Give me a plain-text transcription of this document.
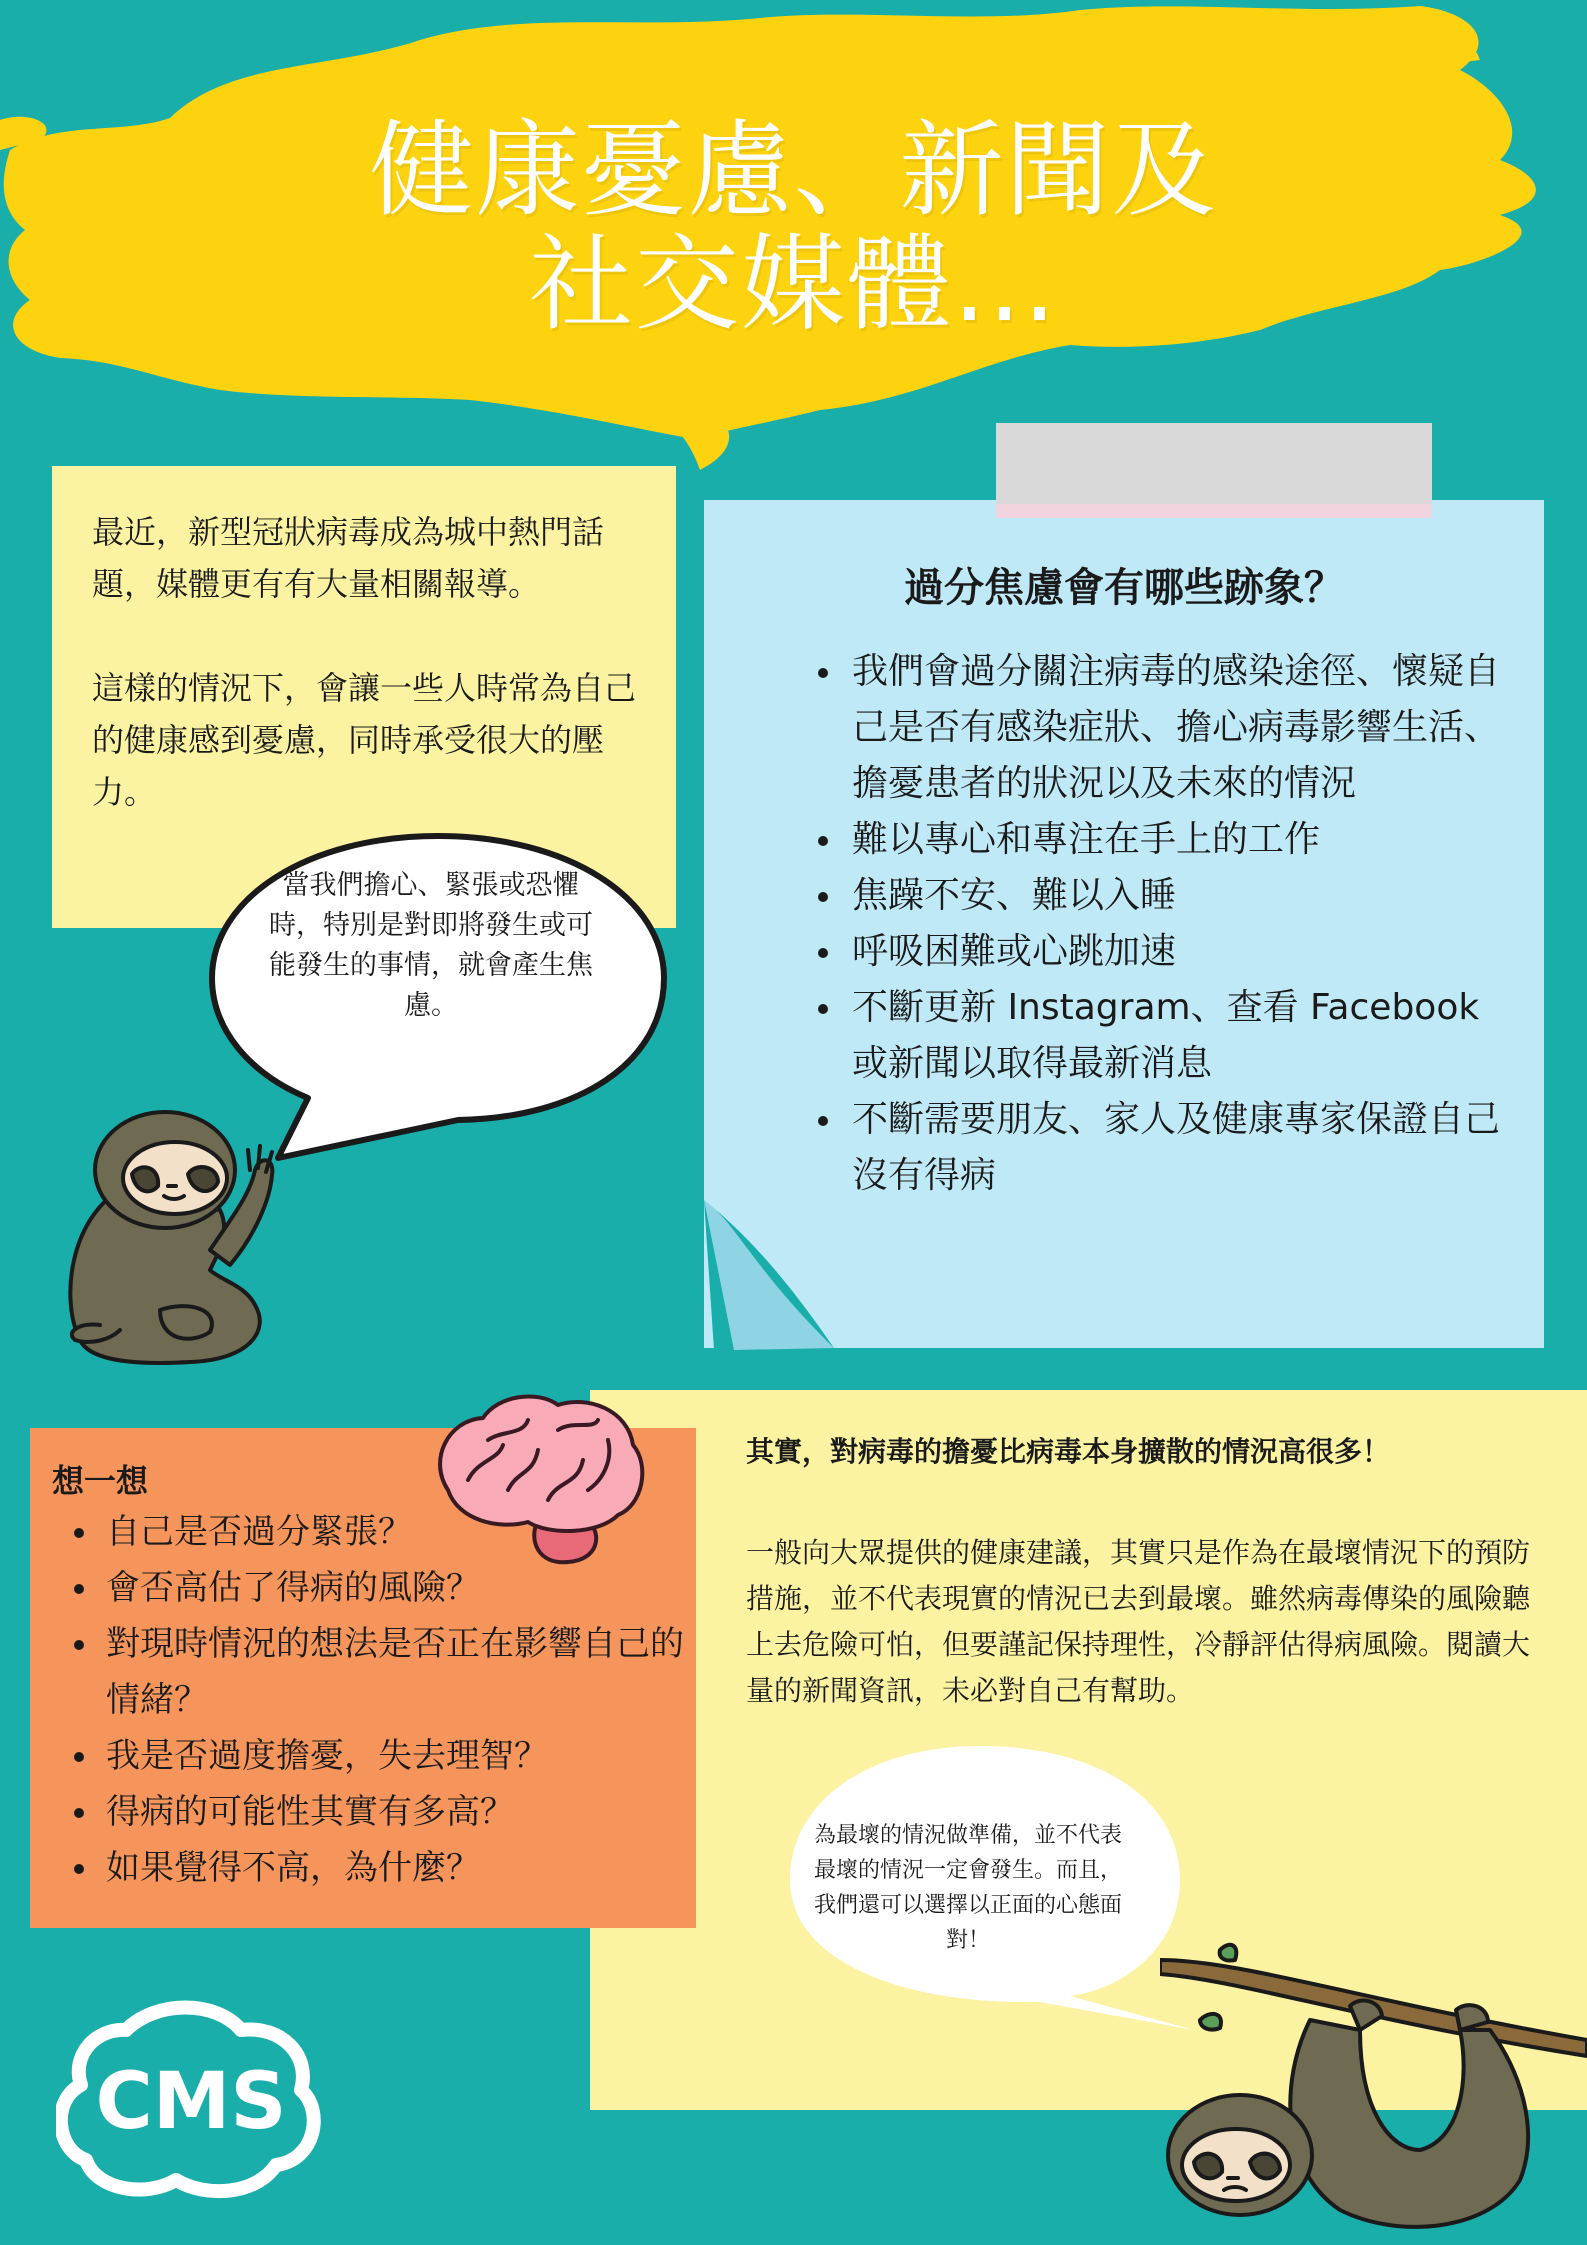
健康憂慮、新聞及
社交媒體...

最近，新型冠狀病毒成為城中熱門話題，媒體更有有大量相關報導。

這樣的情況下，會讓一些人時常為自己的健康感到憂慮，同時承受很大的壓力。

過分焦慮會有哪些跡象？
我們會過分關注病毒的感染途徑、懷疑自己是否有感染症狀、擔心病毒影響生活、擔憂患者的狀況以及未來的情況
難以專心和專注在手上的工作
焦躁不安、難以入睡
呼吸困難或心跳加速
不斷更新 Instagram、查看 Facebook 或新聞以取得最新消息
不斷需要朋友、家人及健康專家保證自己沒有得病
當我們擔心、緊張或恐懼時，特別是對即將發生或可能發生的事情，就會產生焦慮。
其實，對病毒的擔憂比病毒本身擴散的情況高很多！
一般向大眾提供的健康建議，其實只是作為在最壞情況下的預防措施，並不代表現實的情況已去到最壞。雖然病毒傳染的風險聽上去危險可怕，但要謹記保持理性，冷靜評估得病風險。閱讀大量的新聞資訊，未必對自己有幫助。
想一想
自己是否過分緊張？
會否高估了得病的風險？
對現時情況的想法是否正在影響自己的情緒？
我是否過度擔憂，失去理智？
得病的可能性其實有多高？
如果覺得不高，為什麼？
為最壞的情況做準備，並不代表最壞的情況一定會發生。而且，我們還可以選擇以正面的心態面對！
CMS
